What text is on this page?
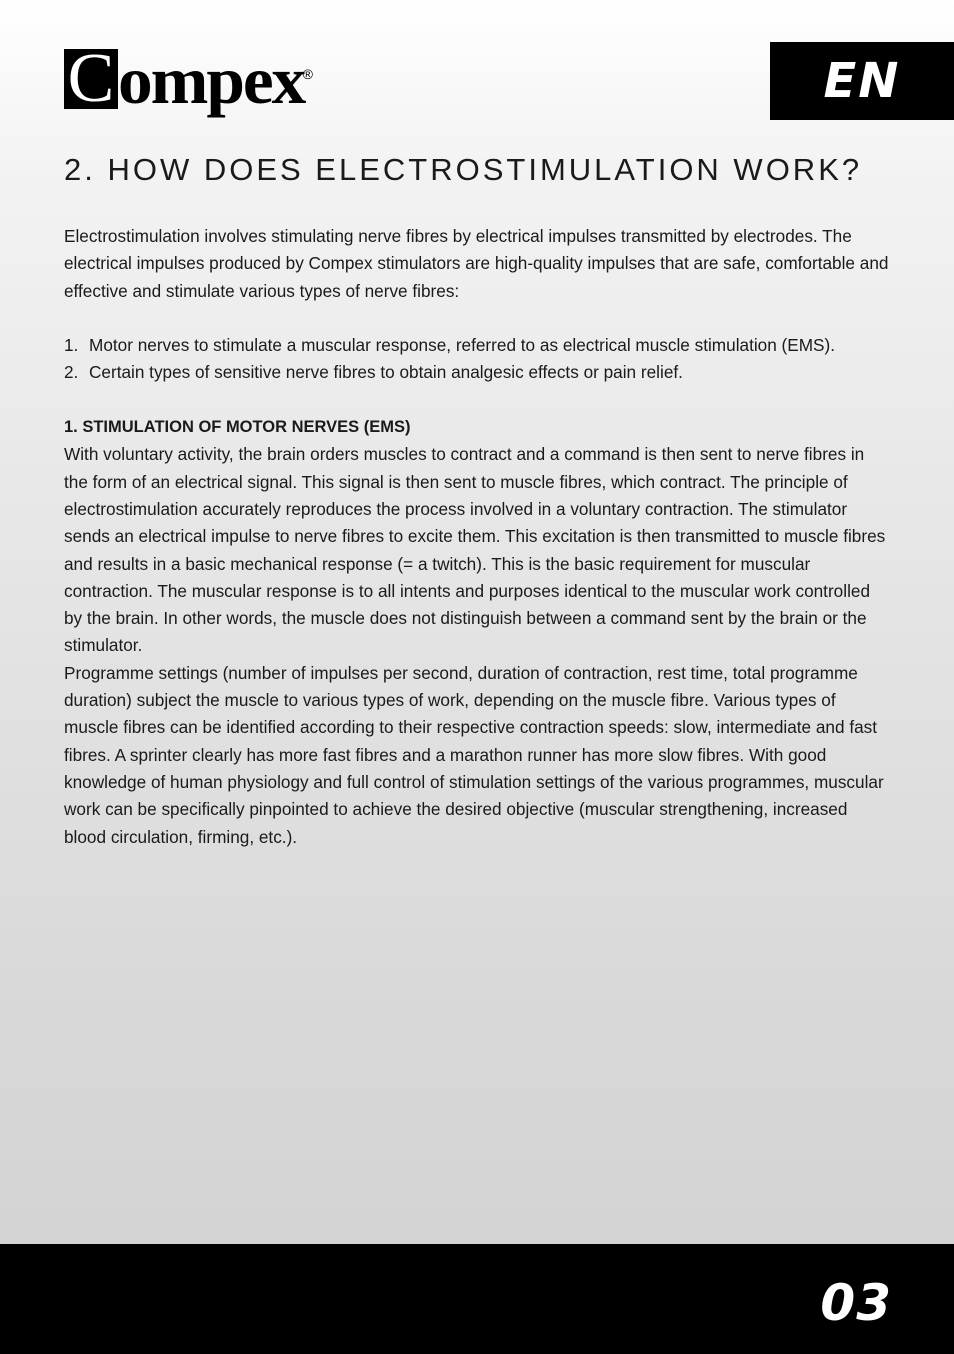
C ompex
®	EN
2. HOW DOES ELECTROSTIMULATION WORK?

Electrostimulation involves stimulating nerve fibres by electrical impulses transmitted by electrodes. The electrical impulses produced by Compex stimulators are high-quality impulses that are safe, comfortable and effective and stimulate various types of nerve fibres:

1. Motor nerves to stimulate a muscular response, referred to as electrical muscle stimulation (EMS).
2. Certain types of sensitive nerve fibres to obtain analgesic effects or pain relief.

1. STIMULATION OF MOTOR NERVES (EMS)

With voluntary activity, the brain orders muscles to contract and a command is then sent to nerve fibres in the form of an electrical signal. This signal is then sent to muscle fibres, which contract. The principle of electrostimulation accurately reproduces the process involved in a voluntary contraction. The stimulator sends an electrical impulse to nerve fibres to excite them. This excitation is then transmitted to muscle fibres and results in a basic mechanical response (= a twitch). This is the basic requirement for muscular contraction. The muscular response is to all intents and purposes identical to the muscular work controlled by the brain. In other words, the muscle does not distinguish between a command sent by the brain or the stimulator.

Programme settings (number of impulses per second, duration of contraction, rest time, total programme duration) subject the muscle to various types of work, depending on the muscle fibre. Various types of muscle fibres can be identified according to their respective contraction speeds: slow, intermediate and fast fibres. A sprinter clearly has more fast fibres and a marathon runner has more slow fibres. With good knowledge of human physiology and full control of stimulation settings of the various programmes, muscular work can be specifically pinpointed to achieve the desired objective (muscular strengthening, increased blood circulation, firming, etc.).

03
